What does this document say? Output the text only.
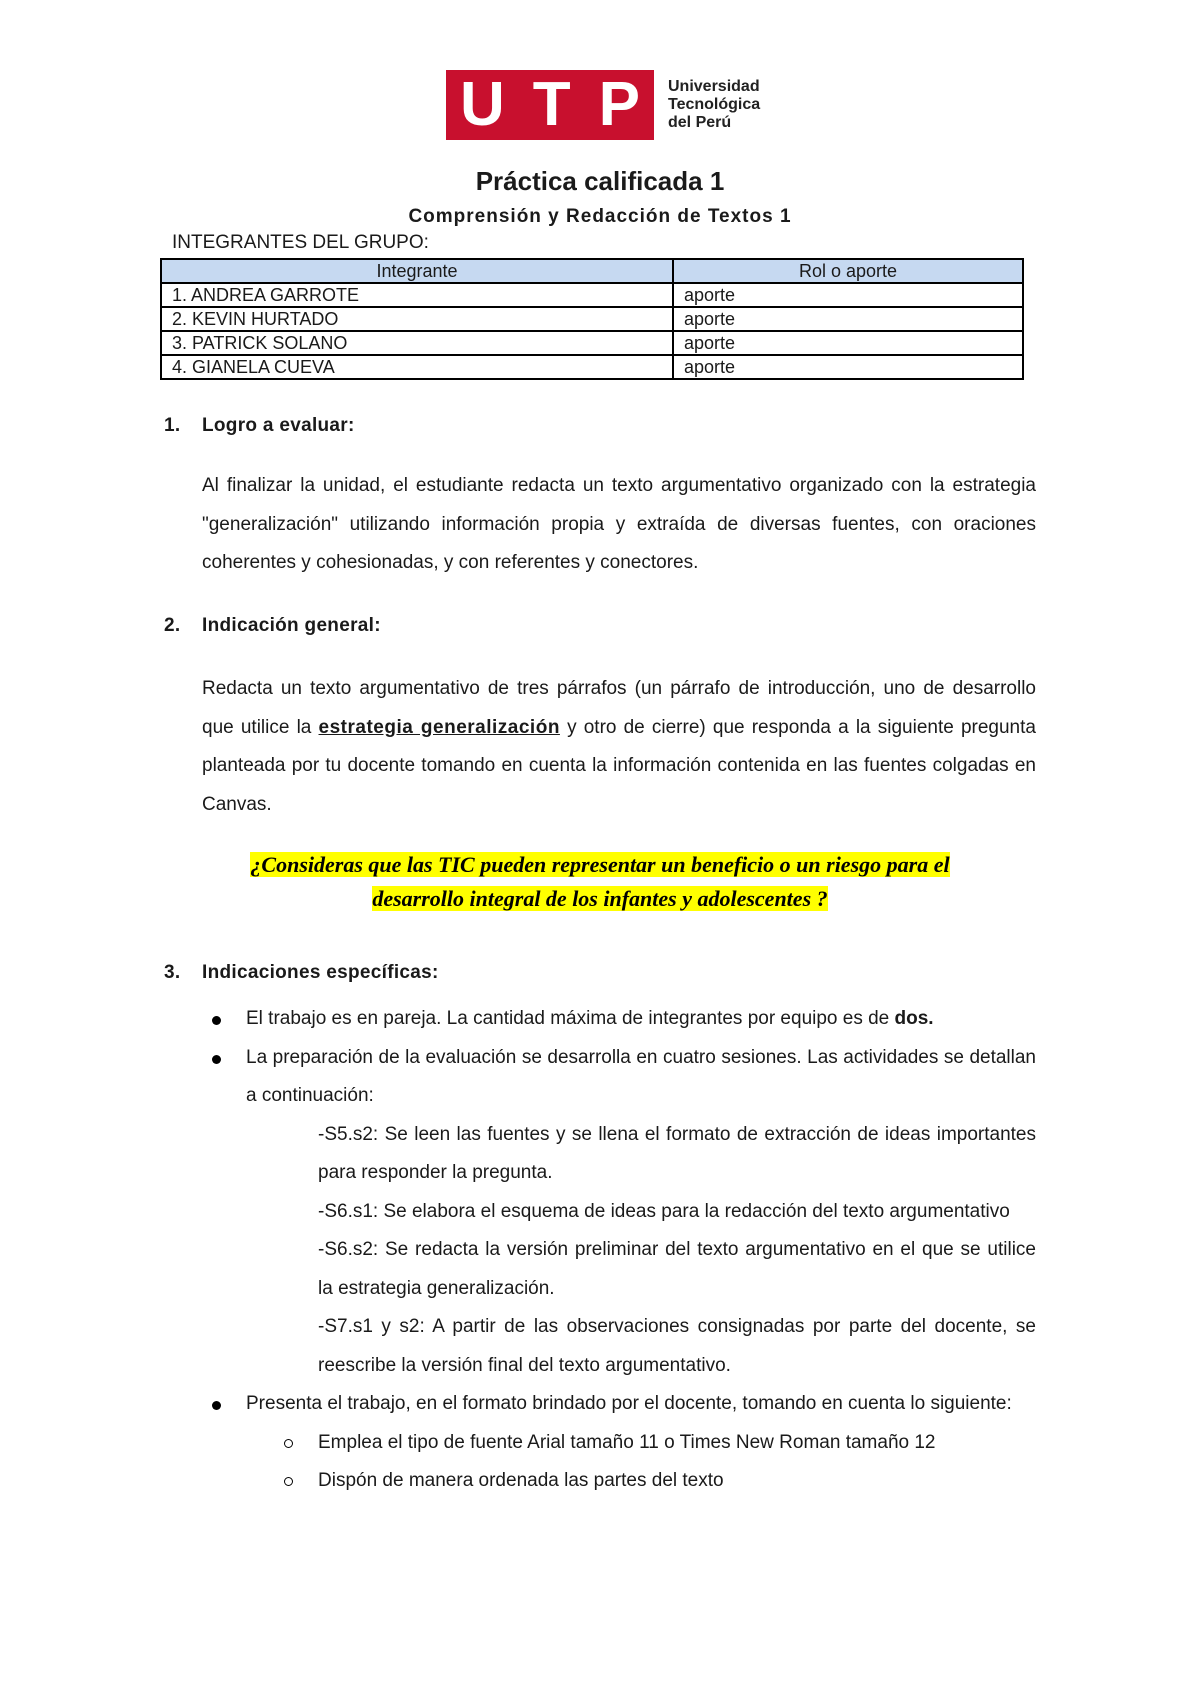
U T P Universidad
Tecnológica
del Perú
Práctica calificada 1
Comprensión y Redacción de Textos 1
INTEGRANTES DEL GRUPO:
Integrante	Rol o aporte
1. ANDREA GARROTE	aporte
2. KEVIN HURTADO	aporte
3. PATRICK SOLANO	aporte
4. GIANELA CUEVA	aporte
1. Logro a evaluar:
Al finalizar la unidad, el estudiante redacta un texto argumentativo organizado con la estrategia "generalización" utilizando información propia y extraída de diversas fuentes, con oraciones coherentes y cohesionadas, y con referentes y conectores.
2. Indicación general:
Redacta un texto argumentativo de tres párrafos (un párrafo de introducción, uno de desarrollo que utilice la estrategia generalización y otro de cierre) que responda a la siguiente pregunta planteada por tu docente tomando en cuenta la información contenida en las fuentes colgadas en Canvas.
¿Consideras que las TIC pueden representar un beneficio o un riesgo para el
desarrollo integral de los infantes y adolescentes ?
3. Indicaciones específicas:
El trabajo es en pareja. La cantidad máxima de integrantes por equipo es de dos.
La preparación de la evaluación se desarrolla en cuatro sesiones. Las actividades se detallan a continuación:
-S5.s2: Se leen las fuentes y se llena el formato de extracción de ideas importantes para responder la pregunta.
-S6.s1: Se elabora el esquema de ideas para la redacción del texto argumentativo
-S6.s2: Se redacta la versión preliminar del texto argumentativo en el que se utilice la estrategia generalización.
-S7.s1 y s2: A partir de las observaciones consignadas por parte del docente, se reescribe la versión final del texto argumentativo.
Presenta el trabajo, en el formato brindado por el docente, tomando en cuenta lo siguiente:
Emplea el tipo de fuente Arial tamaño 11 o Times New Roman tamaño 12
Dispón de manera ordenada las partes del texto
